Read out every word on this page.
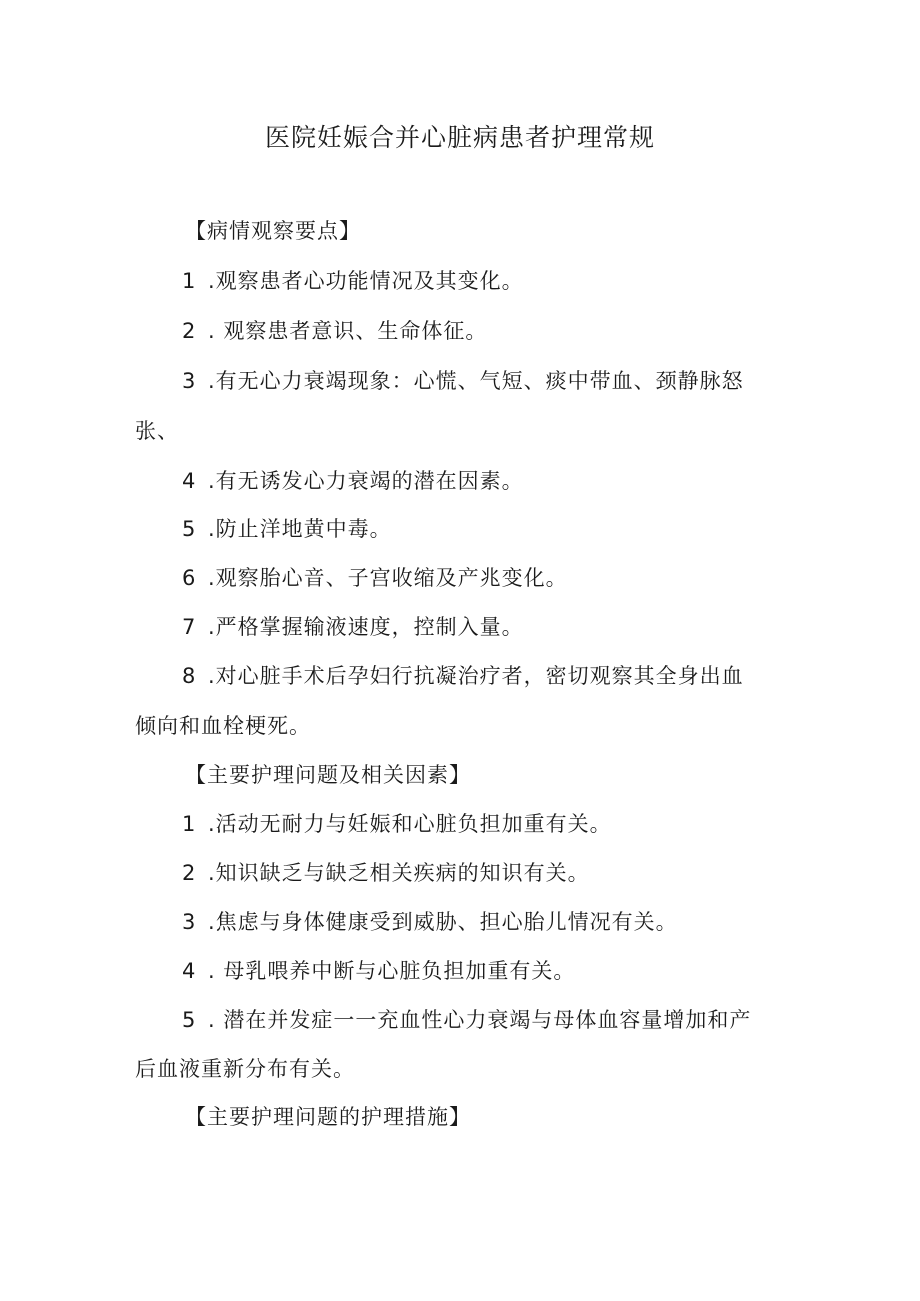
医院妊娠合并心脏病患者护理常规
【病情观察要点】
1 .观察患者心功能情况及其变化。
2 . 观察患者意识、生命体征。
3 .有无心力衰竭现象：心慌、气短、痰中带血、颈静脉怒
张、
4 .有无诱发心力衰竭的潜在因素。
5 .防止洋地黄中毒。
6 .观察胎心音、子宫收缩及产兆变化。
7 .严格掌握输液速度，控制入量。
8 .对心脏手术后孕妇行抗凝治疗者，密切观察其全身出血
倾向和血栓梗死。
【主要护理问题及相关因素】
1 .活动无耐力与妊娠和心脏负担加重有关。
2 .知识缺乏与缺乏相关疾病的知识有关。
3 .焦虑与身体健康受到威胁、担心胎儿情况有关。
4 . 母乳喂养中断与心脏负担加重有关。
5 . 潜在并发症一一充血性心力衰竭与母体血容量增加和产
后血液重新分布有关。
【主要护理问题的护理措施】
